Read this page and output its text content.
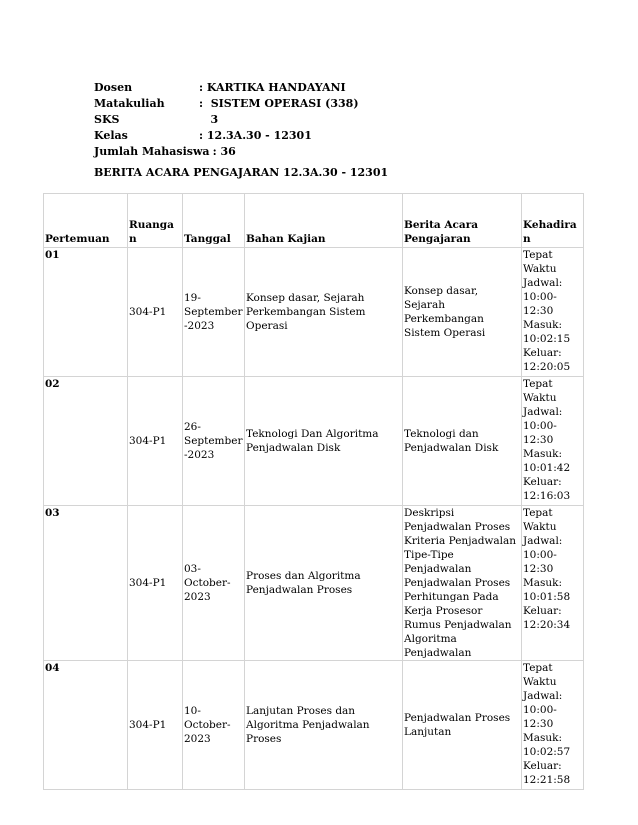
Dosen	: KARTIKA HANDAYANI
Matakuliah	:  SISTEM OPERASI (338)
SKS	3
Kelas	: 12.3A.30 - 12301
Jumlah Mahasiswa : 36
BERITA ACARA PENGAJARAN 12.3A.30 - 12301
Pertemuan	Ruangan	Tanggal	Bahan Kajian	Berita Acara Pengajaran	Kehadiran
01	304-P1	19-September-2023	Konsep dasar, Sejarah Perkembangan Sistem Operasi	Konsep dasar, Sejarah Perkembangan Sistem Operasi	Tepat Waktu Jadwal: 10:00-12:30 Masuk: 10:02:15 Keluar: 12:20:05
02	304-P1	26-September-2023	Teknologi Dan Algoritma Penjadwalan Disk	Teknologi dan Penjadwalan Disk	Tepat Waktu Jadwal: 10:00-12:30 Masuk: 10:01:42 Keluar: 12:16:03
03	304-P1	03-October-2023	Proses dan Algoritma Penjadwalan Proses	Deskripsi Penjadwalan Proses Kriteria Penjadwalan Tipe-Tipe Penjadwalan Penjadwalan Proses Perhitungan Pada Kerja Prosesor Rumus Penjadwalan Algoritma Penjadwalan	Tepat Waktu Jadwal: 10:00-12:30 Masuk: 10:01:58 Keluar: 12:20:34
04	304-P1	10-October-2023	Lanjutan Proses dan Algoritma Penjadwalan Proses	Penjadwalan Proses Lanjutan	Tepat Waktu Jadwal: 10:00-12:30 Masuk: 10:02:57 Keluar: 12:21:58
